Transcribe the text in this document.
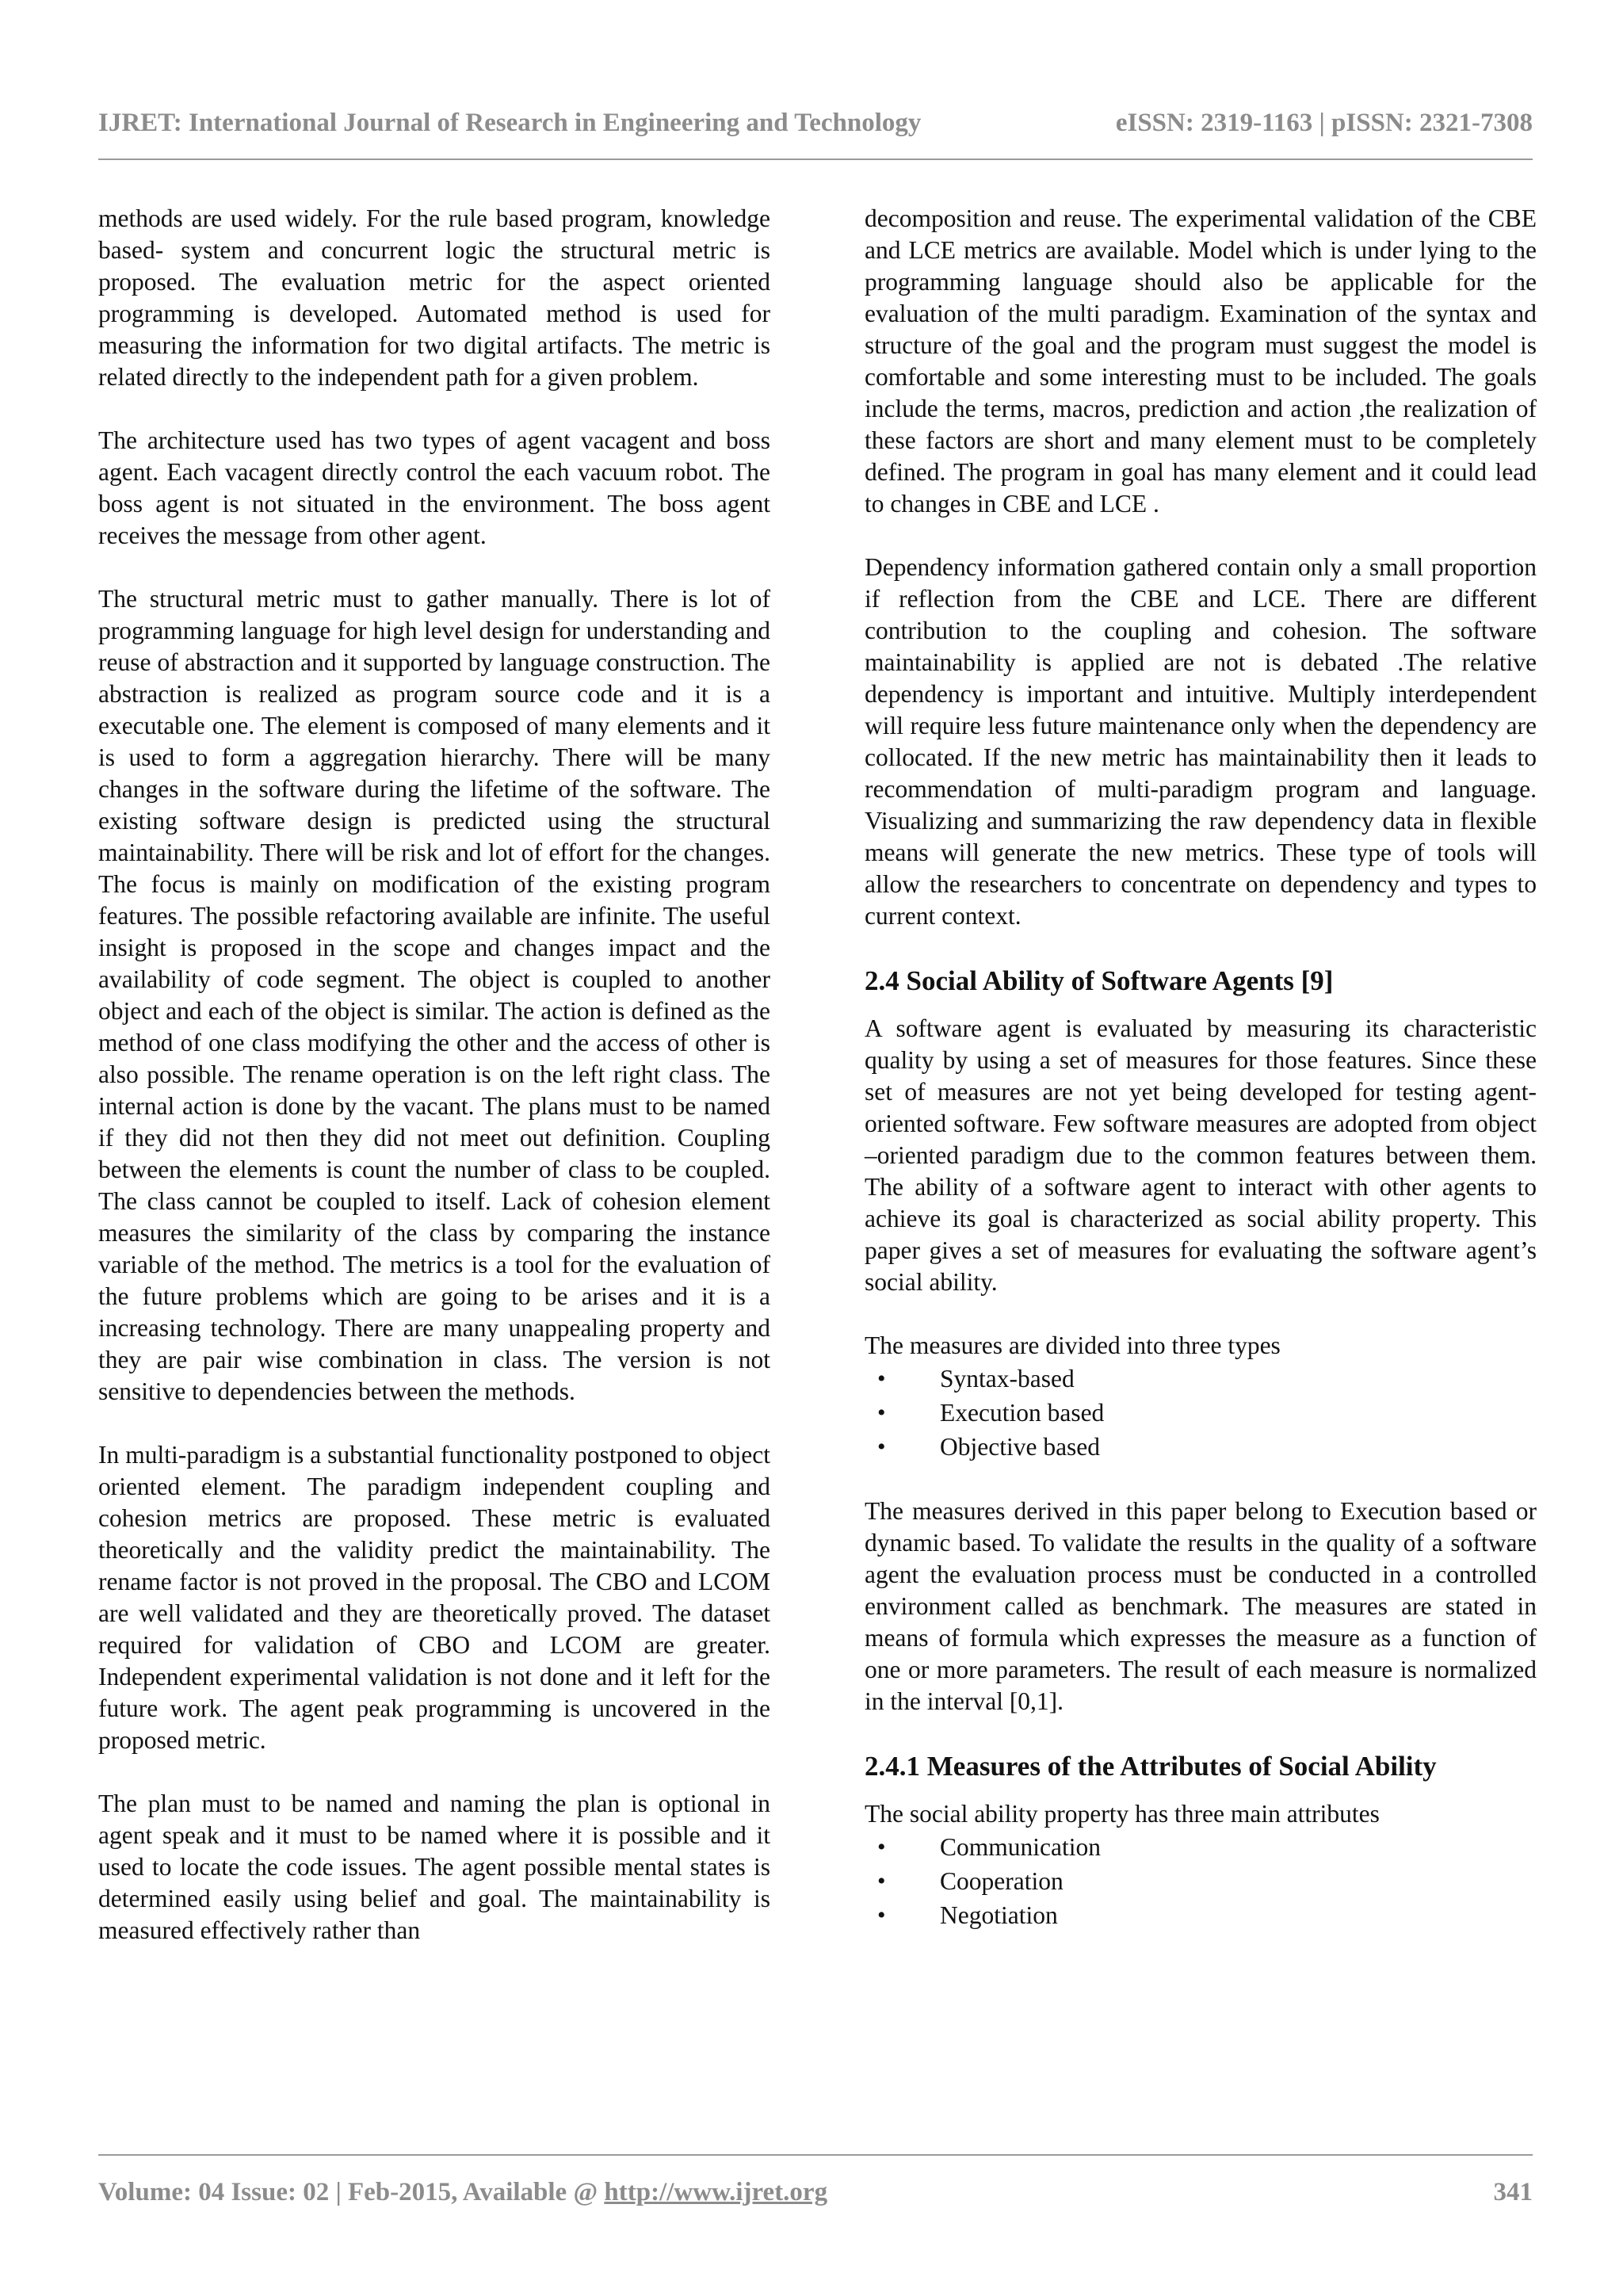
IJRET: International Journal of Research in Engineering and Technology	eISSN: 2319-1163 | pISSN: 2321-7308

methods are used widely. For the rule based program, knowledge based- system and concurrent logic the structural metric is proposed. The evaluation metric for the aspect oriented programming is developed. Automated method is used for measuring the information for two digital artifacts. The metric is related directly to the independent path for a given problem.

The architecture used has two types of agent vacagent and boss agent. Each vacagent directly control the each vacuum robot. The boss agent is not situated in the environment. The boss agent receives the message from other agent.

The structural metric must to gather manually. There is lot of programming language for high level design for understanding and reuse of abstraction and it supported by language construction. The abstraction is realized as program source code and it is a executable one. The element is composed of many elements and it is used to form a aggregation hierarchy. There will be many changes in the software during the lifetime of the software. The existing software design is predicted using the structural maintainability. There will be risk and lot of effort for the changes. The focus is mainly on modification of the existing program features. The possible refactoring available are infinite. The useful insight is proposed in the scope and changes impact and the availability of code segment. The object is coupled to another object and each of the object is similar. The action is defined as the method of one class modifying the other and the access of other is also possible. The rename operation is on the left right class. The internal action is done by the vacant. The plans must to be named if they did not then they did not meet out definition. Coupling between the elements is count the number of class to be coupled. The class cannot be coupled to itself. Lack of cohesion element measures the similarity of the class by comparing the instance variable of the method. The metrics is a tool for the evaluation of the future problems which are going to be arises and it is a increasing technology. There are many unappealing property and they are pair wise combination in class. The version is not sensitive to dependencies between the methods.

In multi-paradigm is a substantial functionality postponed to object oriented element. The paradigm independent coupling and cohesion metrics are proposed. These metric is evaluated theoretically and the validity predict the maintainability. The rename factor is not proved in the proposal. The CBO and LCOM are well validated and they are theoretically proved. The dataset required for validation of CBO and LCOM are greater. Independent experimental validation is not done and it left for the future work. The agent peak programming is uncovered in the proposed metric.

The plan must to be named and naming the plan is optional in agent speak and it must to be named where it is possible and it used to locate the code issues. The agent possible mental states is determined easily using belief and goal. The maintainability is measured effectively rather than

decomposition and reuse. The experimental validation of the CBE and LCE metrics are available. Model which is under lying to the programming language should also be applicable for the evaluation of the multi paradigm. Examination of the syntax and structure of the goal and the program must suggest the model is comfortable and some interesting must to be included. The goals include the terms, macros, prediction and action ,the realization of these factors are short and many element must to be completely defined. The program in goal has many element and it could lead to changes in CBE and LCE .

Dependency information gathered contain only a small proportion if reflection from the CBE and LCE. There are different contribution to the coupling and cohesion. The software maintainability is applied are not is debated .The relative dependency is important and intuitive. Multiply interdependent will require less future maintenance only when the dependency are collocated. If the new metric has maintainability then it leads to recommendation of multi-paradigm program and language. Visualizing and summarizing the raw dependency data in flexible means will generate the new metrics. These type of tools will allow the researchers to concentrate on dependency and types to current context.

2.4 Social Ability of Software Agents [9]

A software agent is evaluated by measuring its characteristic quality by using a set of measures for those features. Since these set of measures are not yet being developed for testing agent-oriented software. Few software measures are adopted from object –oriented paradigm due to the common features between them. The ability of a software agent to interact with other agents to achieve its goal is characterized as social ability property. This paper gives a set of measures for evaluating the software agent’s social ability.

The measures are divided into three types

• Syntax-based
• Execution based
• Objective based

The measures derived in this paper belong to Execution based or dynamic based. To validate the results in the quality of a software agent the evaluation process must be conducted in a controlled environment called as benchmark. The measures are stated in means of formula which expresses the measure as a function of one or more parameters. The result of each measure is normalized in the interval [0,1].

2.4.1 Measures of the Attributes of Social Ability

The social ability property has three main attributes

• Communication
• Cooperation
• Negotiation
Volume: 04 Issue: 02 | Feb-2015, Available @ http://www.ijret.org	341
